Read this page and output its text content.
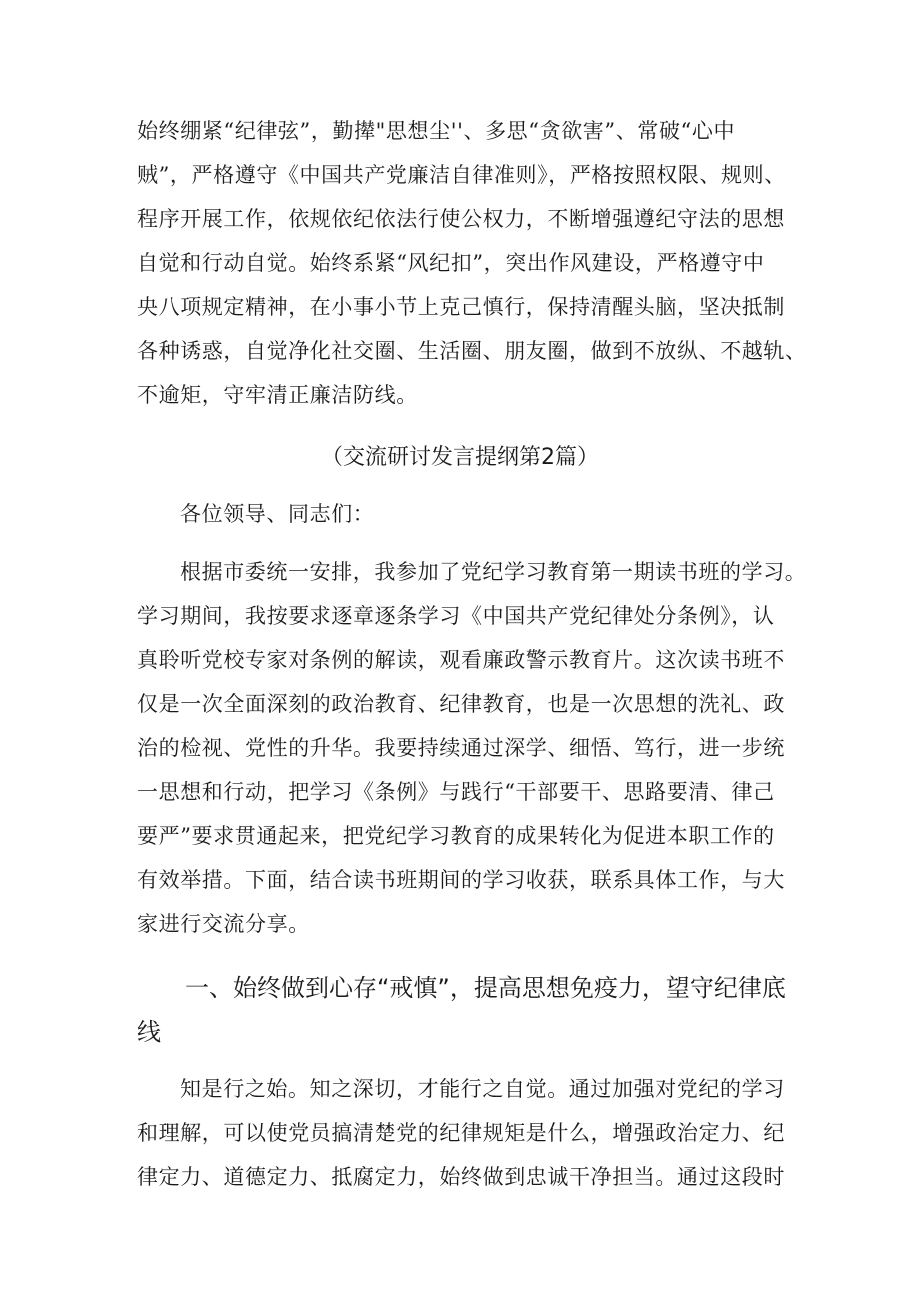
始终绷紧“纪律弦”，勤撵"思想尘''、多思“贪欲害”、常破“心中
贼”，严格遵守《中国共产党廉洁自律准则》，严格按照权限、规则、
程序开展工作，依规依纪依法行使公权力，不断增强遵纪守法的思想
自觉和行动自觉。始终系紧“风纪扣”，突出作风建设，严格遵守中
央八项规定精神，在小事小节上克己慎行，保持清醒头脑，坚决抵制
各种诱惑，自觉净化社交圈、生活圈、朋友圈，做到不放纵、不越轨、
不逾矩，守牢清正廉洁防线。
（交流研讨发言提纲第2篇）
各位领导、同志们：
根据市委统一安排，我参加了党纪学习教育第一期读书班的学习。
学习期间，我按要求逐章逐条学习《中国共产党纪律处分条例》，认
真聆听党校专家对条例的解读，观看廉政警示教育片。这次读书班不
仅是一次全面深刻的政治教育、纪律教育，也是一次思想的洗礼、政
治的检视、党性的升华。我要持续通过深学、细悟、笃行，进一步统
一思想和行动，把学习《条例》与践行“干部要干、思路要清、律己
要严”要求贯通起来，把党纪学习教育的成果转化为促进本职工作的
有效举措。下面，结合读书班期间的学习收获，联系具体工作，与大
家进行交流分享。
一、始终做到心存“戒慎”，提高思想免疫力，望守纪律底
线
知是行之始。知之深切，才能行之自觉。通过加强对党纪的学习
和理解，可以使党员搞清楚党的纪律规矩是什么，增强政治定力、纪
律定力、道德定力、抵腐定力，始终做到忠诚干净担当。通过这段时
